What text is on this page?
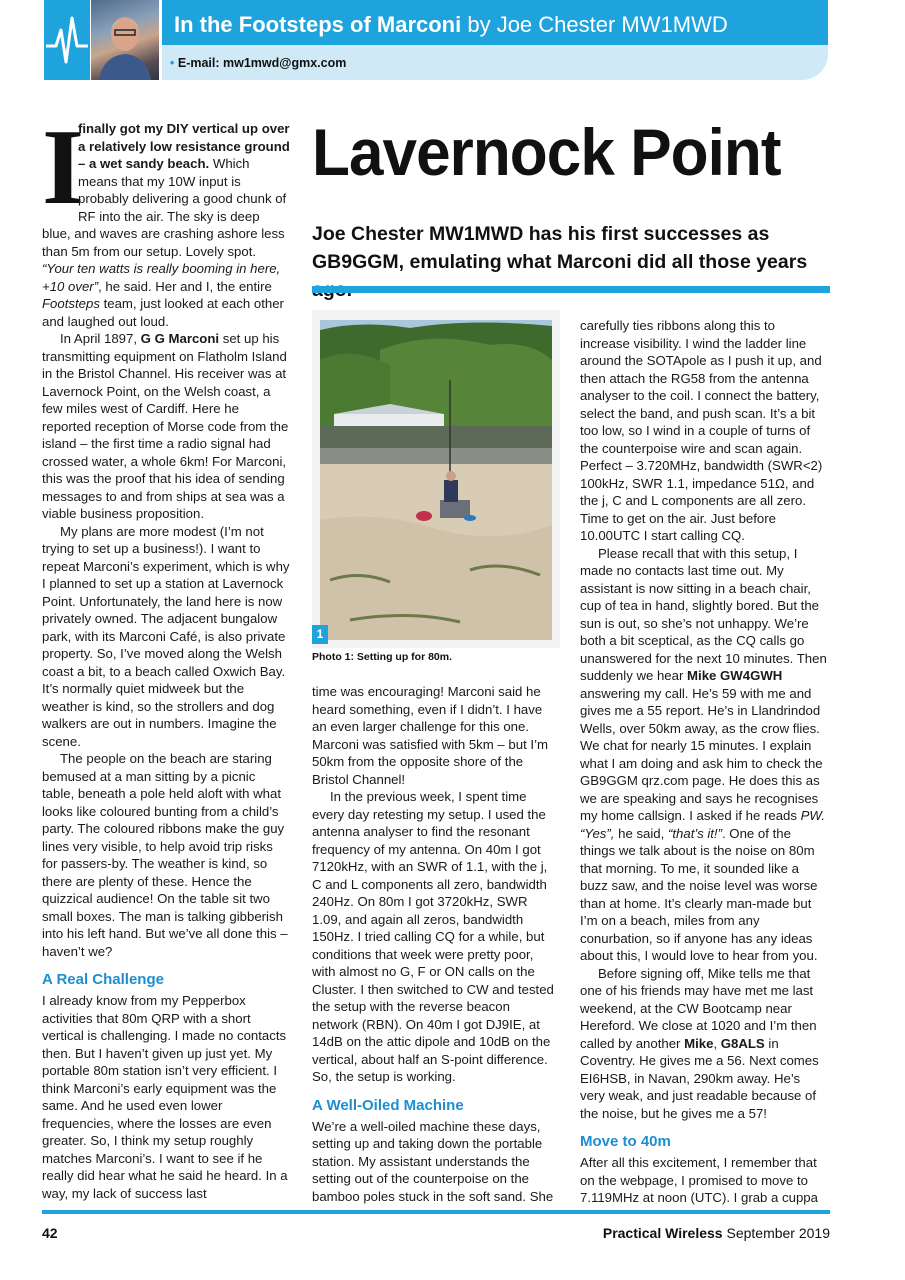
In the Footsteps of Marconi by Joe Chester MW1MWD
• E-mail: mw1mwd@gmx.com
Lavernock Point
Joe Chester MW1MWD has his first successes as GB9GGM, emulating what Marconi did all those years

I
finally got my DIY vertical up over a relatively low resistance ground – a wet sandy beach. Which means that my 10W input is probably delivering a good chunk of RF into the air. The sky is deep blue, and waves are crashing ashore less than 5m from our setup. Lovely spot. “Your ten watts is really booming in here, +10 over”, he said. Her and I, the entire Footsteps team, just looked at each other and laughed out loud.

In April 1897, G G Marconi set up his transmitting equipment on Flatholm Island in the Bristol Channel. His receiver was at Lavernock Point, on the Welsh coast, a few miles west of Cardiff. Here he reported reception of Morse code from the island – the first time a radio signal had crossed water, a whole 6km! For Marconi, this was the proof that his idea of sending messages to and from ships at sea was a viable business proposition.

My plans are more modest (I’m not trying to set up a business!). I want to repeat Marconi’s experiment, which is why I planned to set up a station at Lavernock Point. Unfortunately, the land here is now privately owned. The adjacent bungalow park, with its Marconi Café, is also private property. So, I’ve moved along the Welsh coast a bit, to a beach called Oxwich Bay. It’s normally quiet midweek but the weather is kind, so the strollers and dog walkers are out in numbers. Imagine the scene.

The people on the beach are staring bemused at a man sitting by a picnic table, beneath a pole held aloft with what looks like coloured bunting from a child’s party. The coloured ribbons make the guy lines very visible, to help avoid trip risks for passers-by. The weather is kind, so there are plenty of these. Hence the quizzical audience! On the table sit two small boxes. The man is talking gibberish into his left hand. But we’ve all done this – haven’t we?

A Real Challenge

I already know from my Pepperbox activities that 80m QRP with a short vertical is challenging. I made no contacts then. But I haven’t given up just yet. My portable 80m station isn’t very efficient. I think Marconi’s early equipment was the same. And he used even lower frequencies, where the losses are even greater. So, I think my setup roughly matches Marconi’s. I want to see if he really did hear what he said he heard. In a way, my lack of success last

1
Photo 1: Setting up for 80m.

time was encouraging! Marconi said he heard something, even if I didn’t. I have an even larger challenge for this one. Marconi was satisfied with 5km – but I’m 50km from the opposite shore of the Bristol Channel!

In the previous week, I spent time every day retesting my setup. I used the antenna analyser to find the resonant frequency of my antenna. On 40m I got 7120kHz, with an SWR of 1.1, with the j, C and L components all zero, bandwidth 240Hz. On 80m I got 3720kHz, SWR 1.09, and again all zeros, bandwidth 150Hz. I tried calling CQ for a while, but conditions that week were pretty poor, with almost no G, F or ON calls on the Cluster. I then switched to CW and tested the setup with the reverse beacon network (RBN). On 40m I got DJ9IE, at 14dB on the attic dipole and 10dB on the vertical, about half an S-point difference. So, the setup is working.

A Well-Oiled Machine

We’re a well-oiled machine these days, setting up and taking down the portable station. My assistant understands the setting out of the counterpoise on the bamboo poles stuck in the soft sand. She

carefully ties ribbons along this to increase visibility. I wind the ladder line around the SOTApole as I push it up, and then attach the RG58 from the antenna analyser to the coil. I connect the battery, select the band, and push scan. It’s a bit too low, so I wind in a couple of turns of the counterpoise wire and scan again. Perfect – 3.720MHz, bandwidth (SWR<2) 100kHz, SWR 1.1, impedance 51Ω, and the j, C and L components are all zero. Time to get on the air. Just before 10.00UTC I start calling CQ.

Please recall that with this setup, I made no contacts last time out. My assistant is now sitting in a beach chair, cup of tea in hand, slightly bored. But the sun is out, so she’s not unhappy. We’re both a bit sceptical, as the CQ calls go unanswered for the next 10 minutes. Then suddenly we hear Mike GW4GWH answering my call. He’s 59 with me and gives me a 55 report. He’s in Llandrindod Wells, over 50km away, as the crow flies. We chat for nearly 15 minutes. I explain what I am doing and ask him to check the GB9GGM qrz.com page. He does this as we are speaking and says he recognises my home callsign. I asked if he reads PW. “Yes”, he said, “that’s it!”. One of the things we talk about is the noise on 80m that morning. To me, it sounded like a buzz saw, and the noise level was worse than at home. It’s clearly man-made but I’m on a beach, miles from any conurbation, so if anyone has any ideas about this, I would love to hear from you.

Before signing off, Mike tells me that one of his friends may have met me last weekend, at the CW Bootcamp near Hereford. We close at 1020 and I’m then called by another Mike, G8ALS in Coventry. He gives me a 56. Next comes EI6HSB, in Navan, 290km away. He’s very weak, and just readable because of the noise, but he gives me a 57!

Move to 40m

After all this excitement, I remember that on the webpage, I promised to move to 7.119MHz at noon (UTC). I grab a cuppa

42	Practical Wireless September 2019
